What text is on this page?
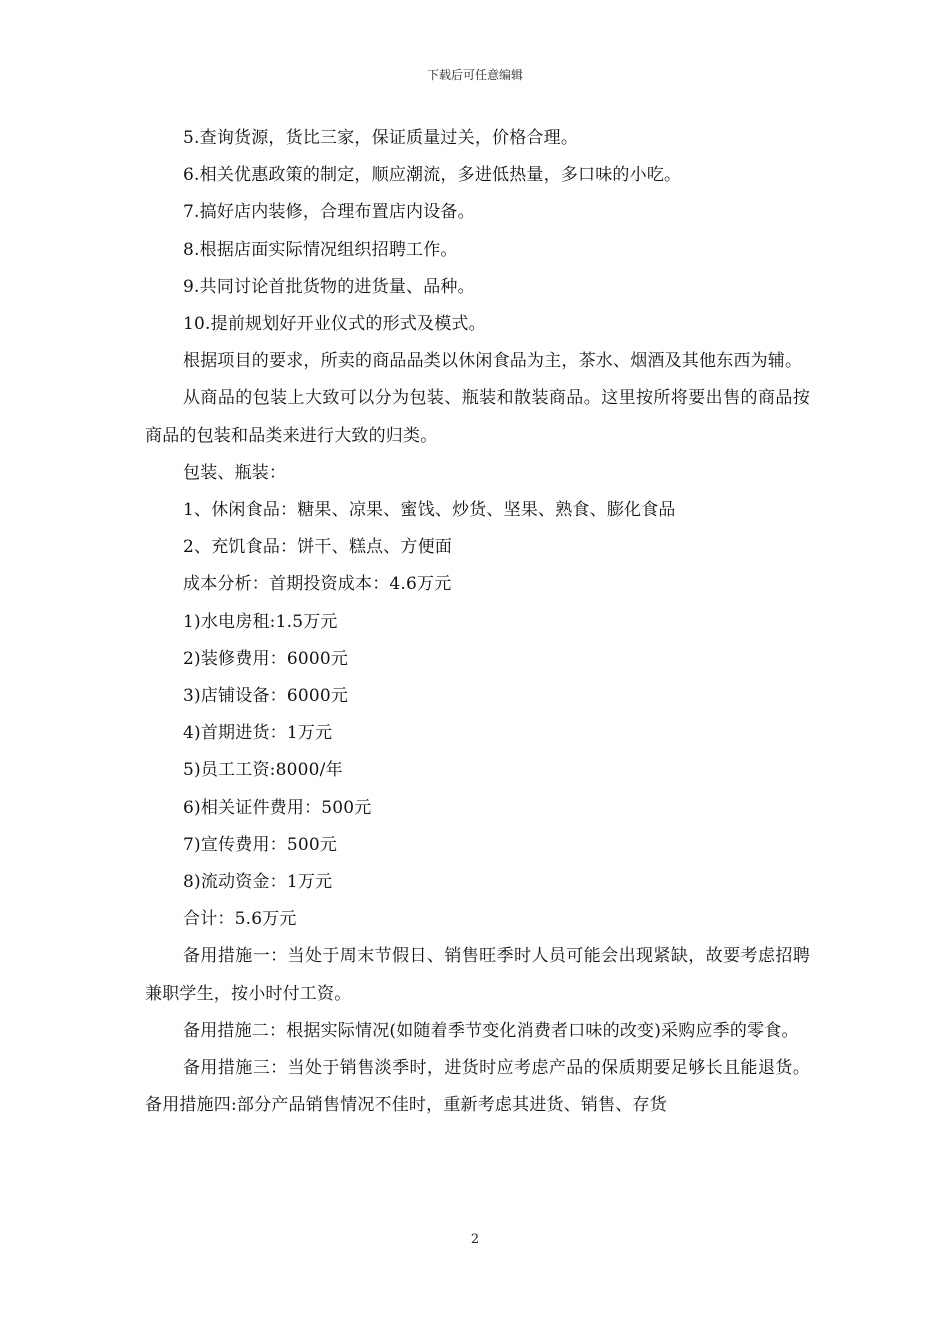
下载后可任意编辑
5.查询货源，货比三家，保证质量过关，价格合理。
6.相关优惠政策的制定，顺应潮流，多进低热量，多口味的小吃。
7.搞好店内装修，合理布置店内设备。
8.根据店面实际情况组织招聘工作。
9.共同讨论首批货物的进货量、品种。
10.提前规划好开业仪式的形式及模式。
根据项目的要求，所卖的商品品类以休闲食品为主，茶水、烟酒及其他东西为辅。
从商品的包装上大致可以分为包装、瓶装和散装商品。这里按所将要出售的商品按商品的包装和品类来进行大致的归类。
包装、瓶装：
1、休闲食品：糖果、凉果、蜜饯、炒货、坚果、熟食、膨化食品
2、充饥食品：饼干、糕点、方便面
成本分析：首期投资成本：4.6万元
1)水电房租:1.5万元
2)装修费用：6000元
3)店铺设备：6000元
4)首期进货：1万元
5)员工工资:8000/年
6)相关证件费用：500元
7)宣传费用：500元
8)流动资金：1万元
合计：5.6万元
备用措施一：当处于周末节假日、销售旺季时人员可能会出现紧缺，故要考虑招聘兼职学生，按小时付工资。
备用措施二：根据实际情况(如随着季节变化消费者口味的改变)采购应季的零食。
备用措施三：当处于销售淡季时，进货时应考虑产品的保质期要足够长且能退货。备用措施四:部分产品销售情况不佳时，重新考虑其进货、销售、存货
2
